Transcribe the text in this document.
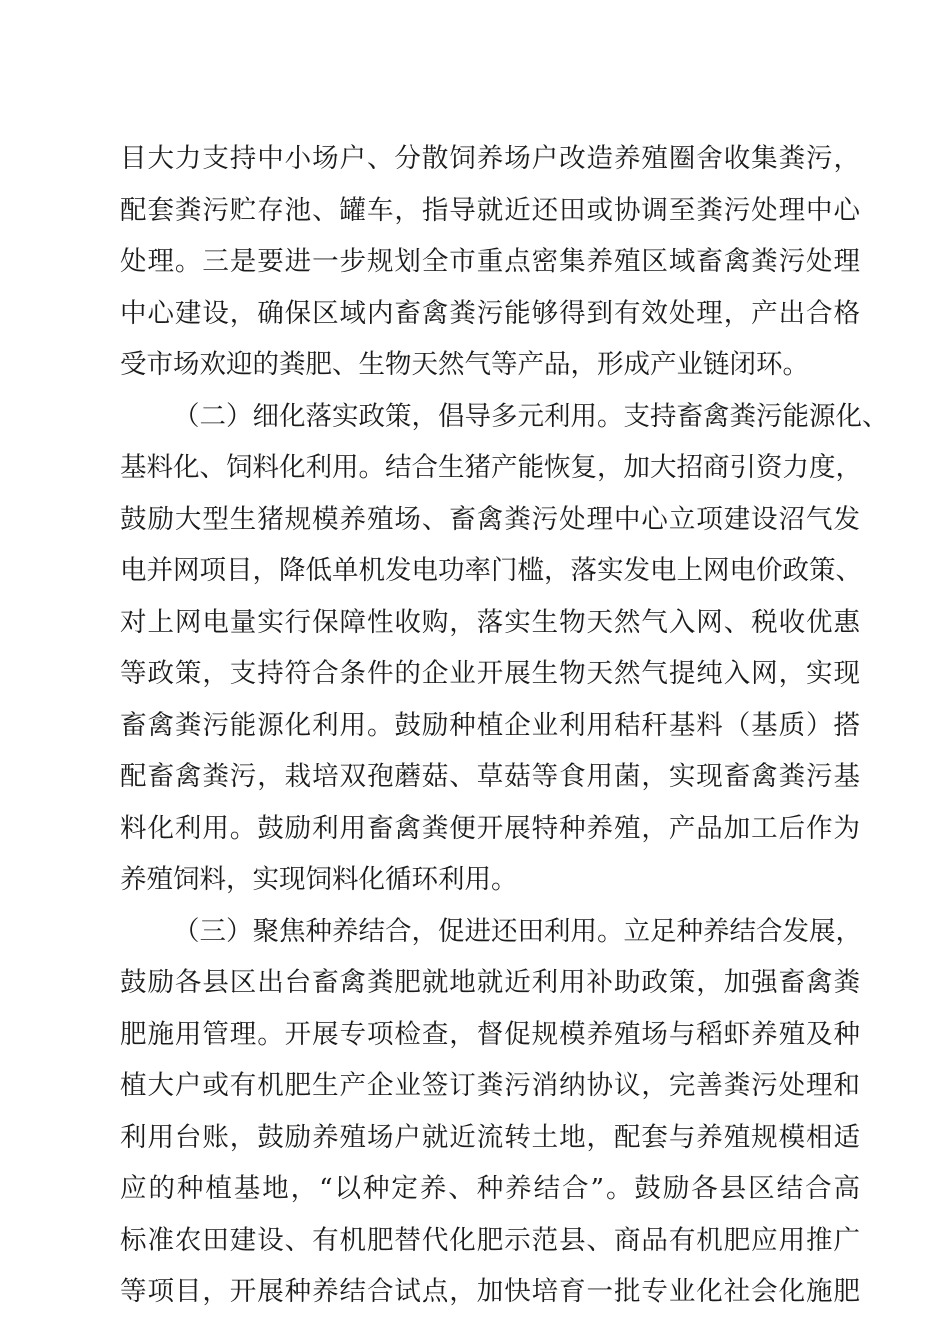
目大力支持中小场户、分散饲养场户改造养殖圈舍收集粪污，
配套粪污贮存池、罐车，指导就近还田或协调至粪污处理中心
处理。三是要进一步规划全市重点密集养殖区域畜禽粪污处理
中心建设，确保区域内畜禽粪污能够得到有效处理，产出合格
受市场欢迎的粪肥、生物天然气等产品，形成产业链闭环。
（二）细化落实政策，倡导多元利用。支持畜禽粪污能源化、
基料化、饲料化利用。结合生猪产能恢复，加大招商引资力度，
鼓励大型生猪规模养殖场、畜禽粪污处理中心立项建设沼气发
电并网项目，降低单机发电功率门槛，落实发电上网电价政策、
对上网电量实行保障性收购，落实生物天然气入网、税收优惠
等政策，支持符合条件的企业开展生物天然气提纯入网，实现
畜禽粪污能源化利用。鼓励种植企业利用秸秆基料（基质）搭
配畜禽粪污，栽培双孢蘑菇、草菇等食用菌，实现畜禽粪污基
料化利用。鼓励利用畜禽粪便开展特种养殖，产品加工后作为
养殖饲料，实现饲料化循环利用。
（三）聚焦种养结合，促进还田利用。立足种养结合发展，
鼓励各县区出台畜禽粪肥就地就近利用补助政策，加强畜禽粪
肥施用管理。开展专项检查，督促规模养殖场与稻虾养殖及种
植大户或有机肥生产企业签订粪污消纳协议，完善粪污处理和
利用台账，鼓励养殖场户就近流转土地，配套与养殖规模相适
应的种植基地，“以种定养、种养结合”。鼓励各县区结合高
标准农田建设、有机肥替代化肥示范县、商品有机肥应用推广
等项目，开展种养结合试点，加快培育一批专业化社会化施肥
